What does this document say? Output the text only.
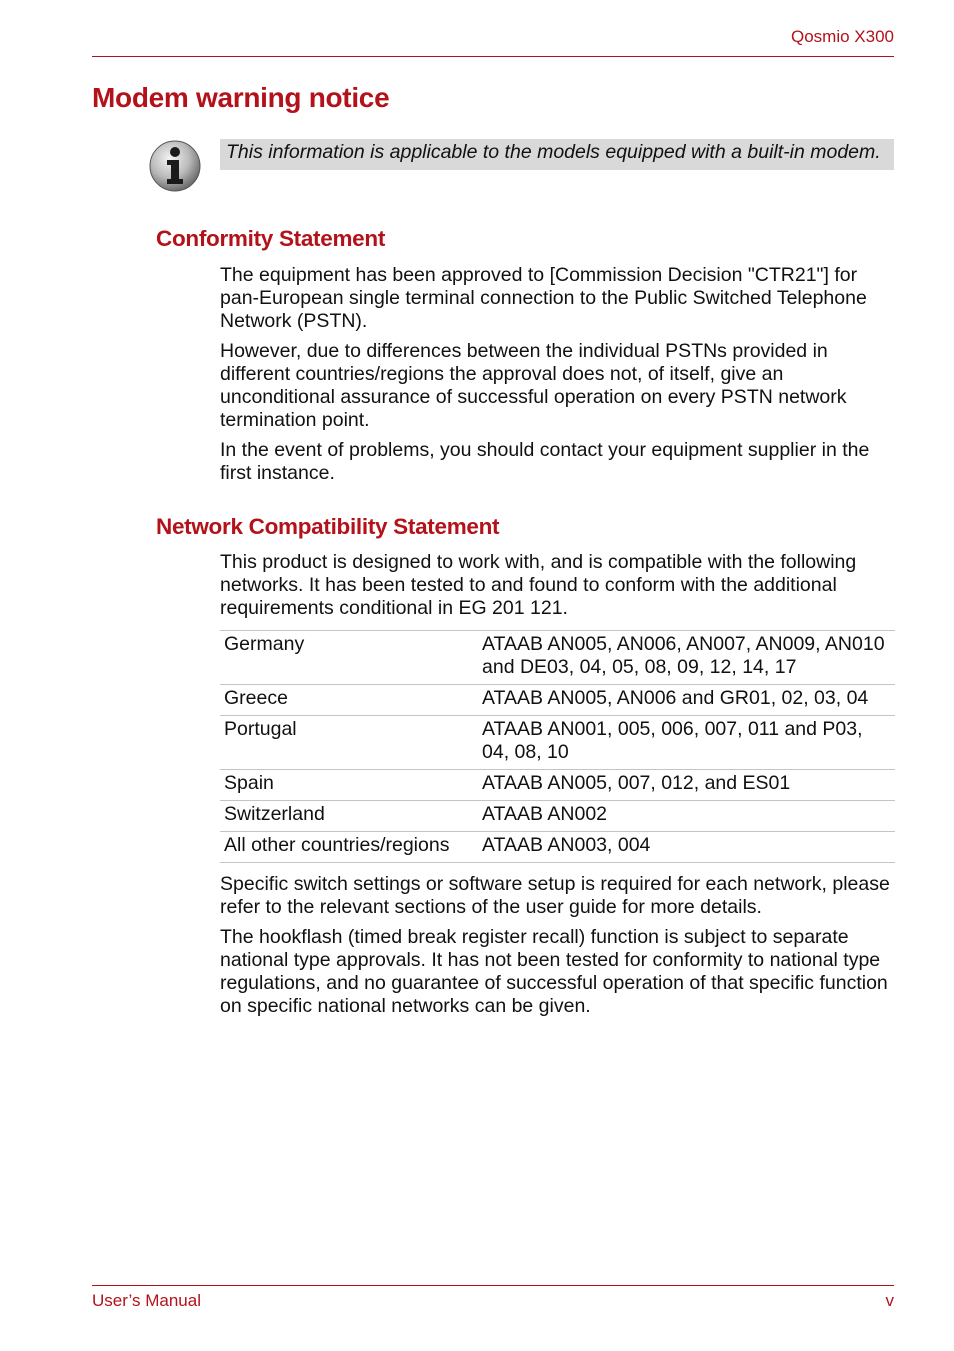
Qosmio X300
Modem warning notice
This information is applicable to the models equipped with a built-in modem.
Conformity Statement

The equipment has been approved to [Commission Decision "CTR21"] for pan-European single terminal connection to the Public Switched Telephone Network (PSTN).

However, due to differences between the individual PSTNs provided in different countries/regions the approval does not, of itself, give an unconditional assurance of successful operation on every PSTN network termination point.

In the event of problems, you should contact your equipment supplier in the first instance.

Network Compatibility Statement

This product is designed to work with, and is compatible with the following networks. It has been tested to and found to conform with the additional requirements conditional in EG 201 121.

Germany	ATAAB AN005, AN006, AN007, AN009, AN010 and DE03, 04, 05, 08, 09, 12, 14, 17
Greece	ATAAB AN005, AN006 and GR01, 02, 03, 04
Portugal	ATAAB AN001, 005, 006, 007, 011 and P03, 04, 08, 10
Spain	ATAAB AN005, 007, 012, and ES01
Switzerland	ATAAB AN002
All other countries/regions	ATAAB AN003, 004

Specific switch settings or software setup is required for each network, please refer to the relevant sections of the user guide for more details.

The hookflash (timed break register recall) function is subject to separate national type approvals. It has not been tested for conformity to national type regulations, and no guarantee of successful operation of that specific function on specific national networks can be given.

User’s Manual	v
